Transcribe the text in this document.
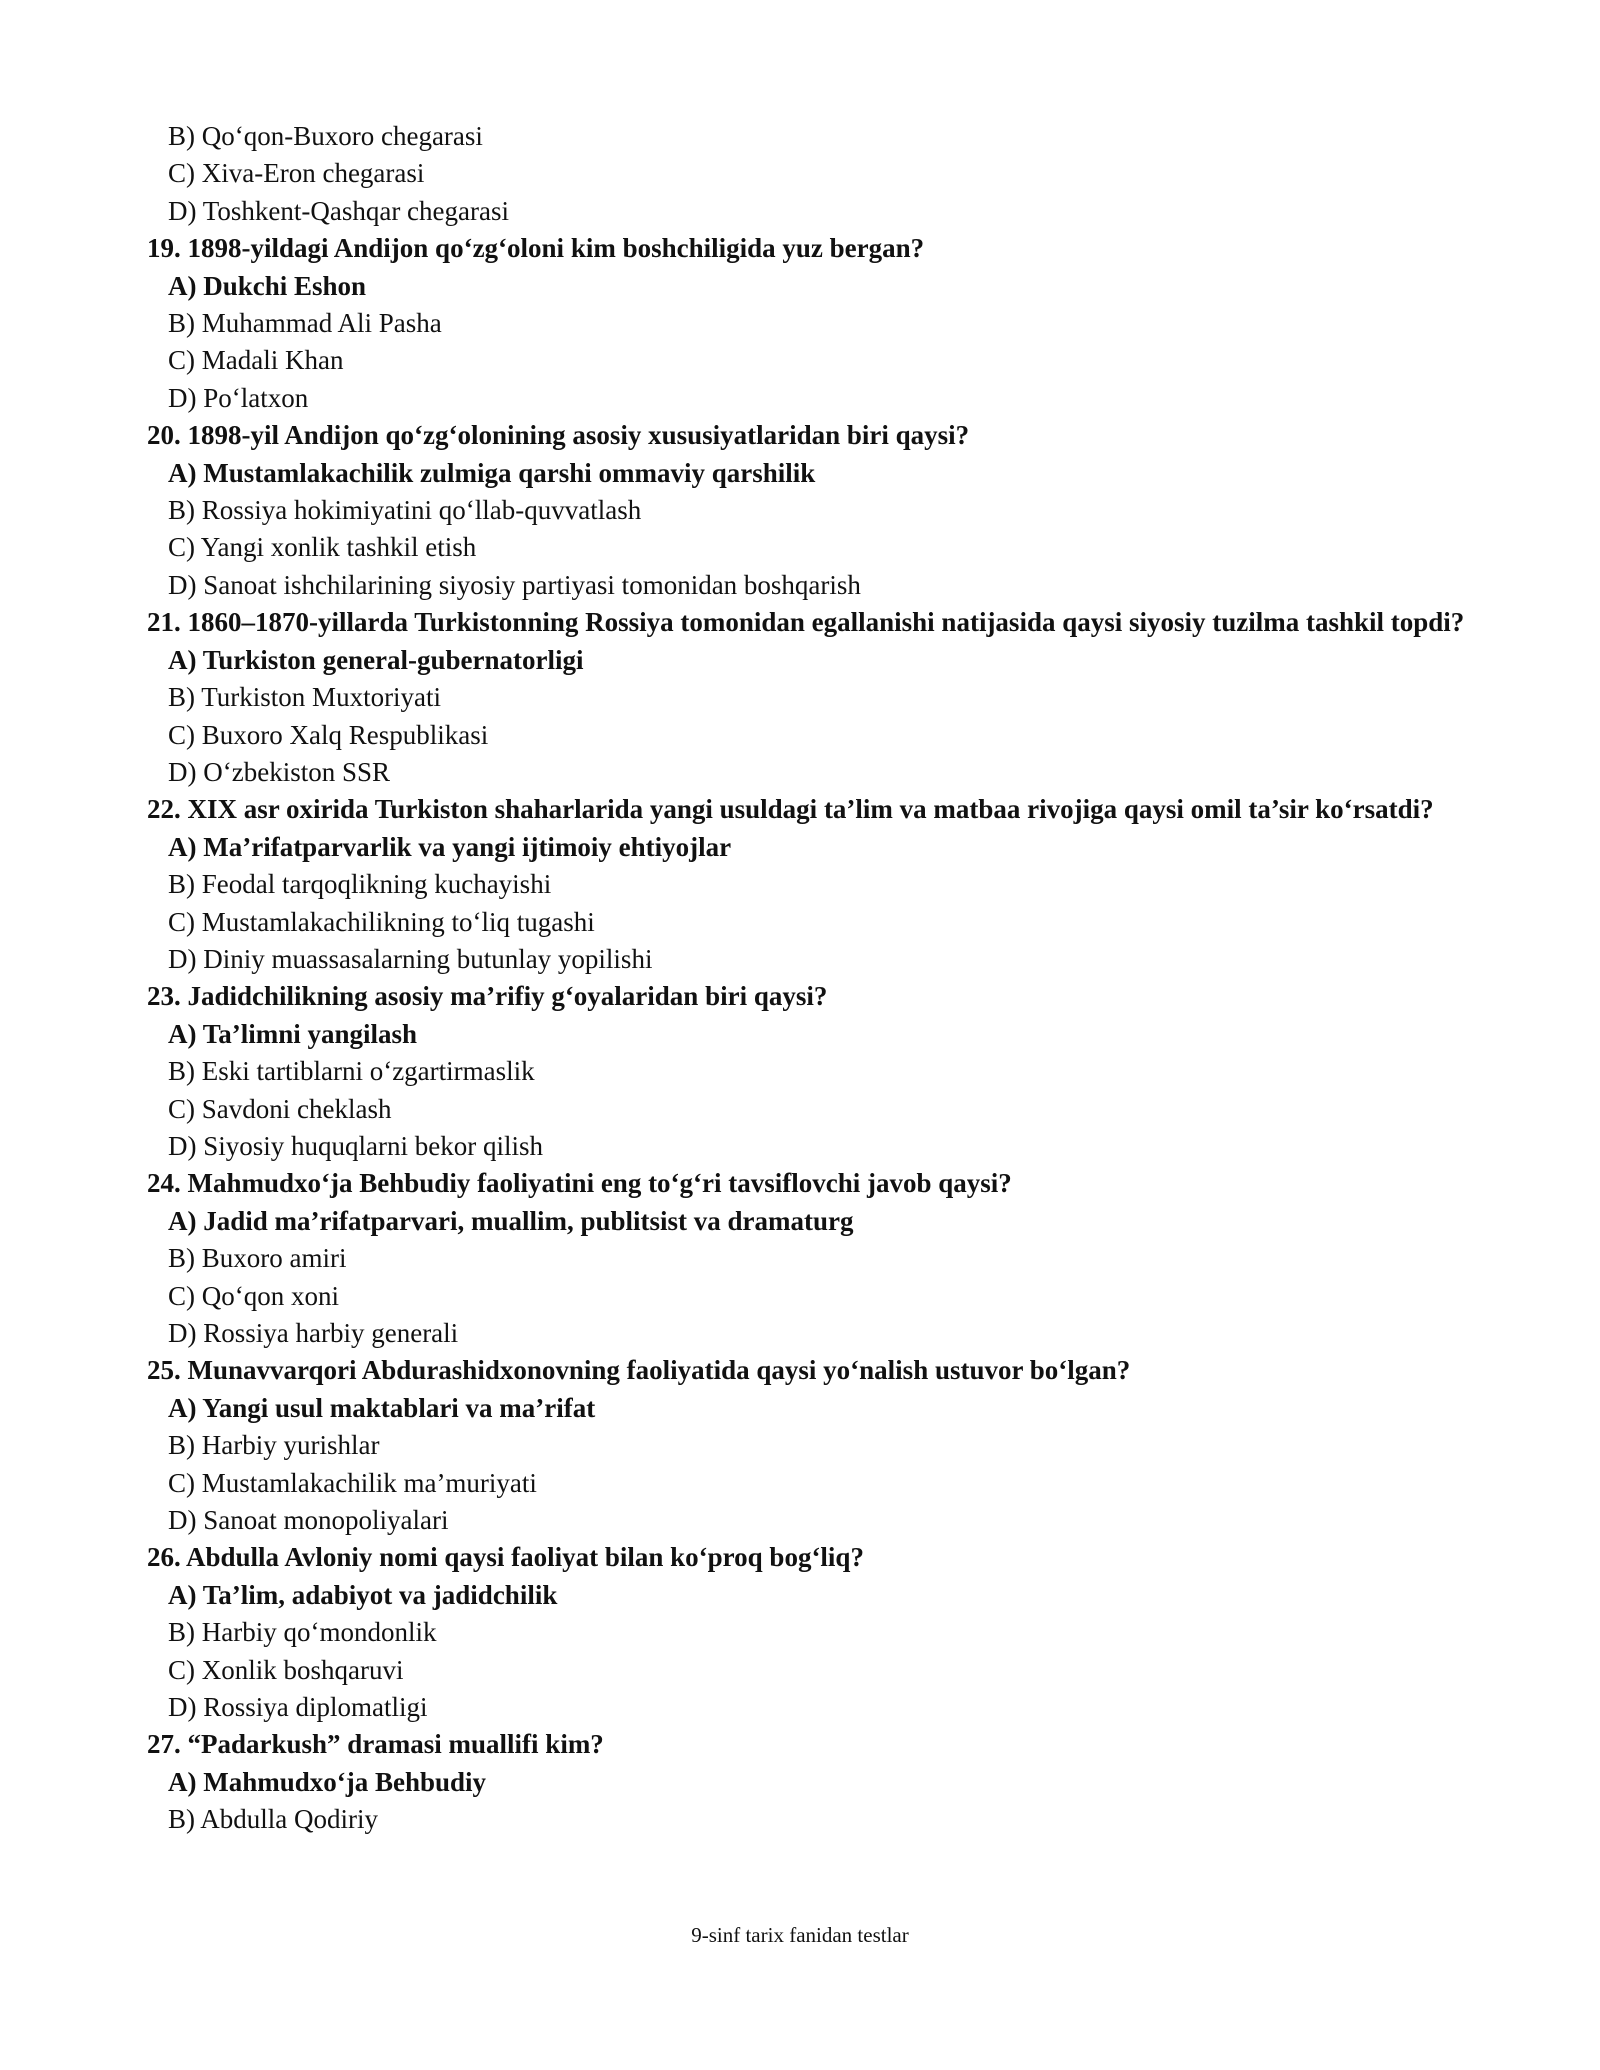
B) Qo‘qon-Buxoro chegarasi
C) Xiva-Eron chegarasi
D) Toshkent-Qashqar chegarasi
19. 1898-yildagi Andijon qo‘zg‘oloni kim boshchiligida yuz bergan?
A) Dukchi Eshon
B) Muhammad Ali Pasha
C) Madali Khan
D) Po‘latxon
20. 1898-yil Andijon qo‘zg‘olonining asosiy xususiyatlaridan biri qaysi?
A) Mustamlakachilik zulmiga qarshi ommaviy qarshilik
B) Rossiya hokimiyatini qo‘llab-quvvatlash
C) Yangi xonlik tashkil etish
D) Sanoat ishchilarining siyosiy partiyasi tomonidan boshqarish
21. 1860–1870-yillarda Turkistonning Rossiya tomonidan egallanishi natijasida qaysi siyosiy tuzilma tashkil topdi?
A) Turkiston general-gubernatorligi
B) Turkiston Muxtoriyati
C) Buxoro Xalq Respublikasi
D) O‘zbekiston SSR
22. XIX asr oxirida Turkiston shaharlarida yangi usuldagi ta’lim va matbaa rivojiga qaysi omil ta’sir ko‘rsatdi?
A) Ma’rifatparvarlik va yangi ijtimoiy ehtiyojlar
B) Feodal tarqoqlikning kuchayishi
C) Mustamlakachilikning to‘liq tugashi
D) Diniy muassasalarning butunlay yopilishi
23. Jadidchilikning asosiy ma’rifiy g‘oyalaridan biri qaysi?
A) Ta’limni yangilash
B) Eski tartiblarni o‘zgartirmaslik
C) Savdoni cheklash
D) Siyosiy huquqlarni bekor qilish
24. Mahmudxo‘ja Behbudiy faoliyatini eng to‘g‘ri tavsiflovchi javob qaysi?
A) Jadid ma’rifatparvari, muallim, publitsist va dramaturg
B) Buxoro amiri
C) Qo‘qon xoni
D) Rossiya harbiy generali
25. Munavvarqori Abdurashidxonovning faoliyatida qaysi yo‘nalish ustuvor bo‘lgan?
A) Yangi usul maktablari va ma’rifat
B) Harbiy yurishlar
C) Mustamlakachilik ma’muriyati
D) Sanoat monopoliyalari
26. Abdulla Avloniy nomi qaysi faoliyat bilan ko‘proq bog‘liq?
A) Ta’lim, adabiyot va jadidchilik
B) Harbiy qo‘mondonlik
C) Xonlik boshqaruvi
D) Rossiya diplomatligi
27. “Padarkush” dramasi muallifi kim?
A) Mahmudxo‘ja Behbudiy
B) Abdulla Qodiriy
9-sinf tarix fanidan testlar
